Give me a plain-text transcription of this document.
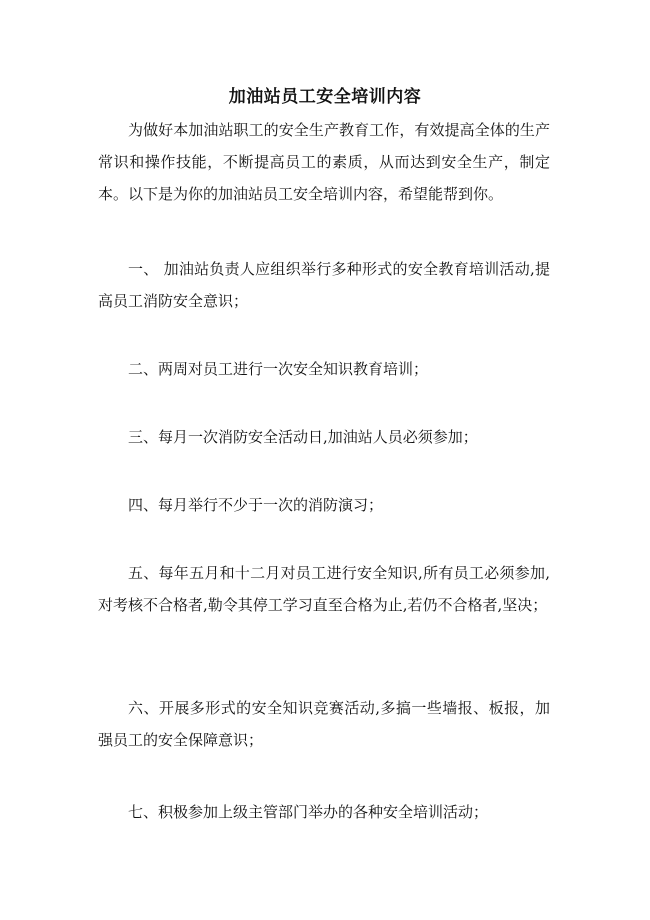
加油站员工安全培训内容

为做好本加油站职工的安全生产教育工作，有效提高全体的生产常识和操作技能，不断提高员工的素质，从而达到安全生产，制定本。以下是为你的加油站员工安全培训内容，希望能帮到你。

一、 加油站负责人应组织举行多种形式的安全教育培训活动,提高员工消防安全意识；

二、两周对员工进行一次安全知识教育培训；

三、每月一次消防安全活动日,加油站人员必须参加；

四、每月举行不少于一次的消防演习；

五、每年五月和十二月对员工进行安全知识,所有员工必须参加,对考核不合格者,勒令其停工学习直至合格为止,若仍不合格者,坚决；

六、开展多形式的安全知识竞赛活动,多搞一些墙报、板报，加强员工的安全保障意识；

七、积极参加上级主管部门举办的各种安全培训活动；
